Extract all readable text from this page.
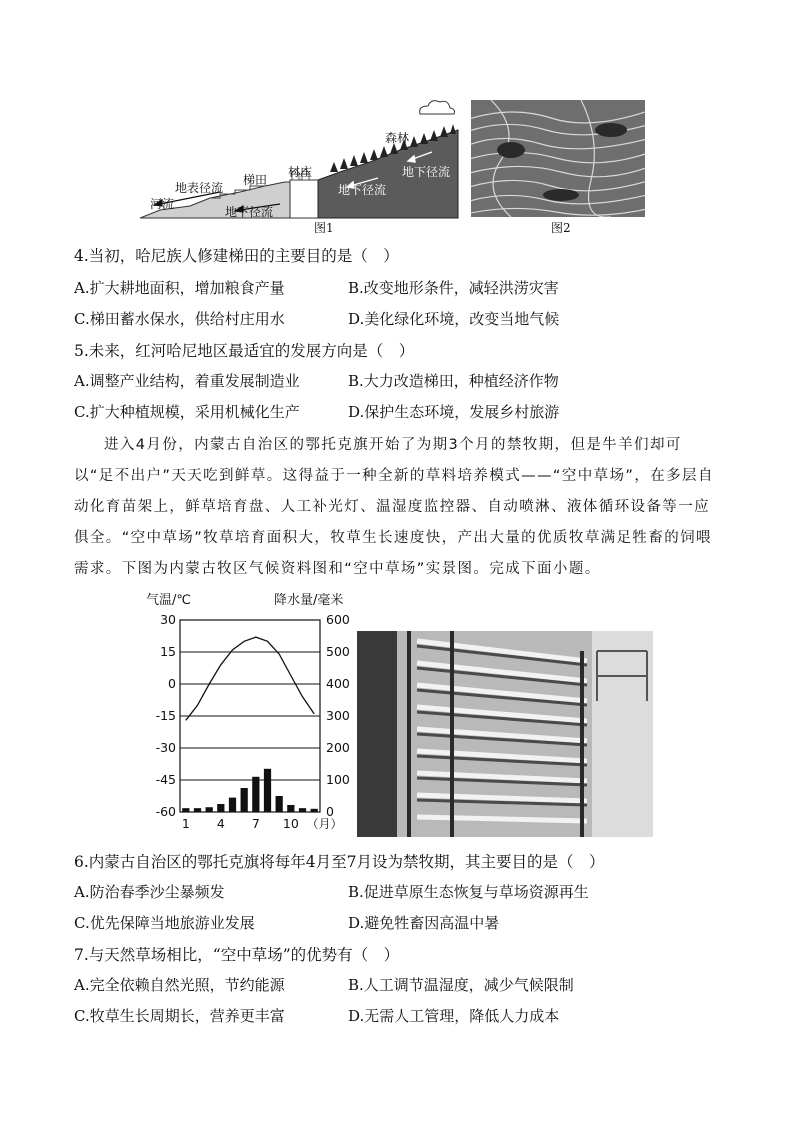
森林
梯田
村庄
地表径流
河流
地下径流
地下径流
地下径流
图1	图2
4.当初，哈尼族人修建梯田的主要目的是（　）
A.扩大耕地面积，增加粮食产量	B.改变地形条件，减轻洪涝灾害
C.梯田蓄水保水，供给村庄用水	D.美化绿化环境，改变当地气候
5.未来，红河哈尼地区最适宜的发展方向是（　）
A.调整产业结构，着重发展制造业	B.大力改造梯田，种植经济作物
C.扩大种植规模，采用机械化生产	D.保护生态环境，发展乡村旅游

进入4月份，内蒙古自治区的鄂托克旗开始了为期3个月的禁牧期，但是牛羊们却可以“足不出户”天天吃到鲜草。这得益于一种全新的草料培养模式——“空中草场”，在多层自动化育苗架上，鲜草培育盘、人工补光灯、温湿度监控器、自动喷淋、液体循环设备等一应俱全。“空中草场”牧草培育面积大，牧草生长速度快，产出大量的优质牧草满足牲畜的饲喂需求。下图为内蒙古牧区气候资料图和“空中草场”实景图。完成下面小题。

气温/℃	降水量/毫米
30	600
15	500
0	400
-15	300
-30	200
-45	100
-60	0
1 4 7 10 （月）
6.内蒙古自治区的鄂托克旗将每年4月至7月设为禁牧期，其主要目的是（　）
A.防治春季沙尘暴频发	B.促进草原生态恢复与草场资源再生
C.优先保障当地旅游业发展	D.避免牲畜因高温中暑
7.与天然草场相比，“空中草场”的优势有（　）
A.完全依赖自然光照，节约能源	B.人工调节温湿度，减少气候限制
C.牧草生长周期长，营养更丰富	D.无需人工管理，降低人力成本
